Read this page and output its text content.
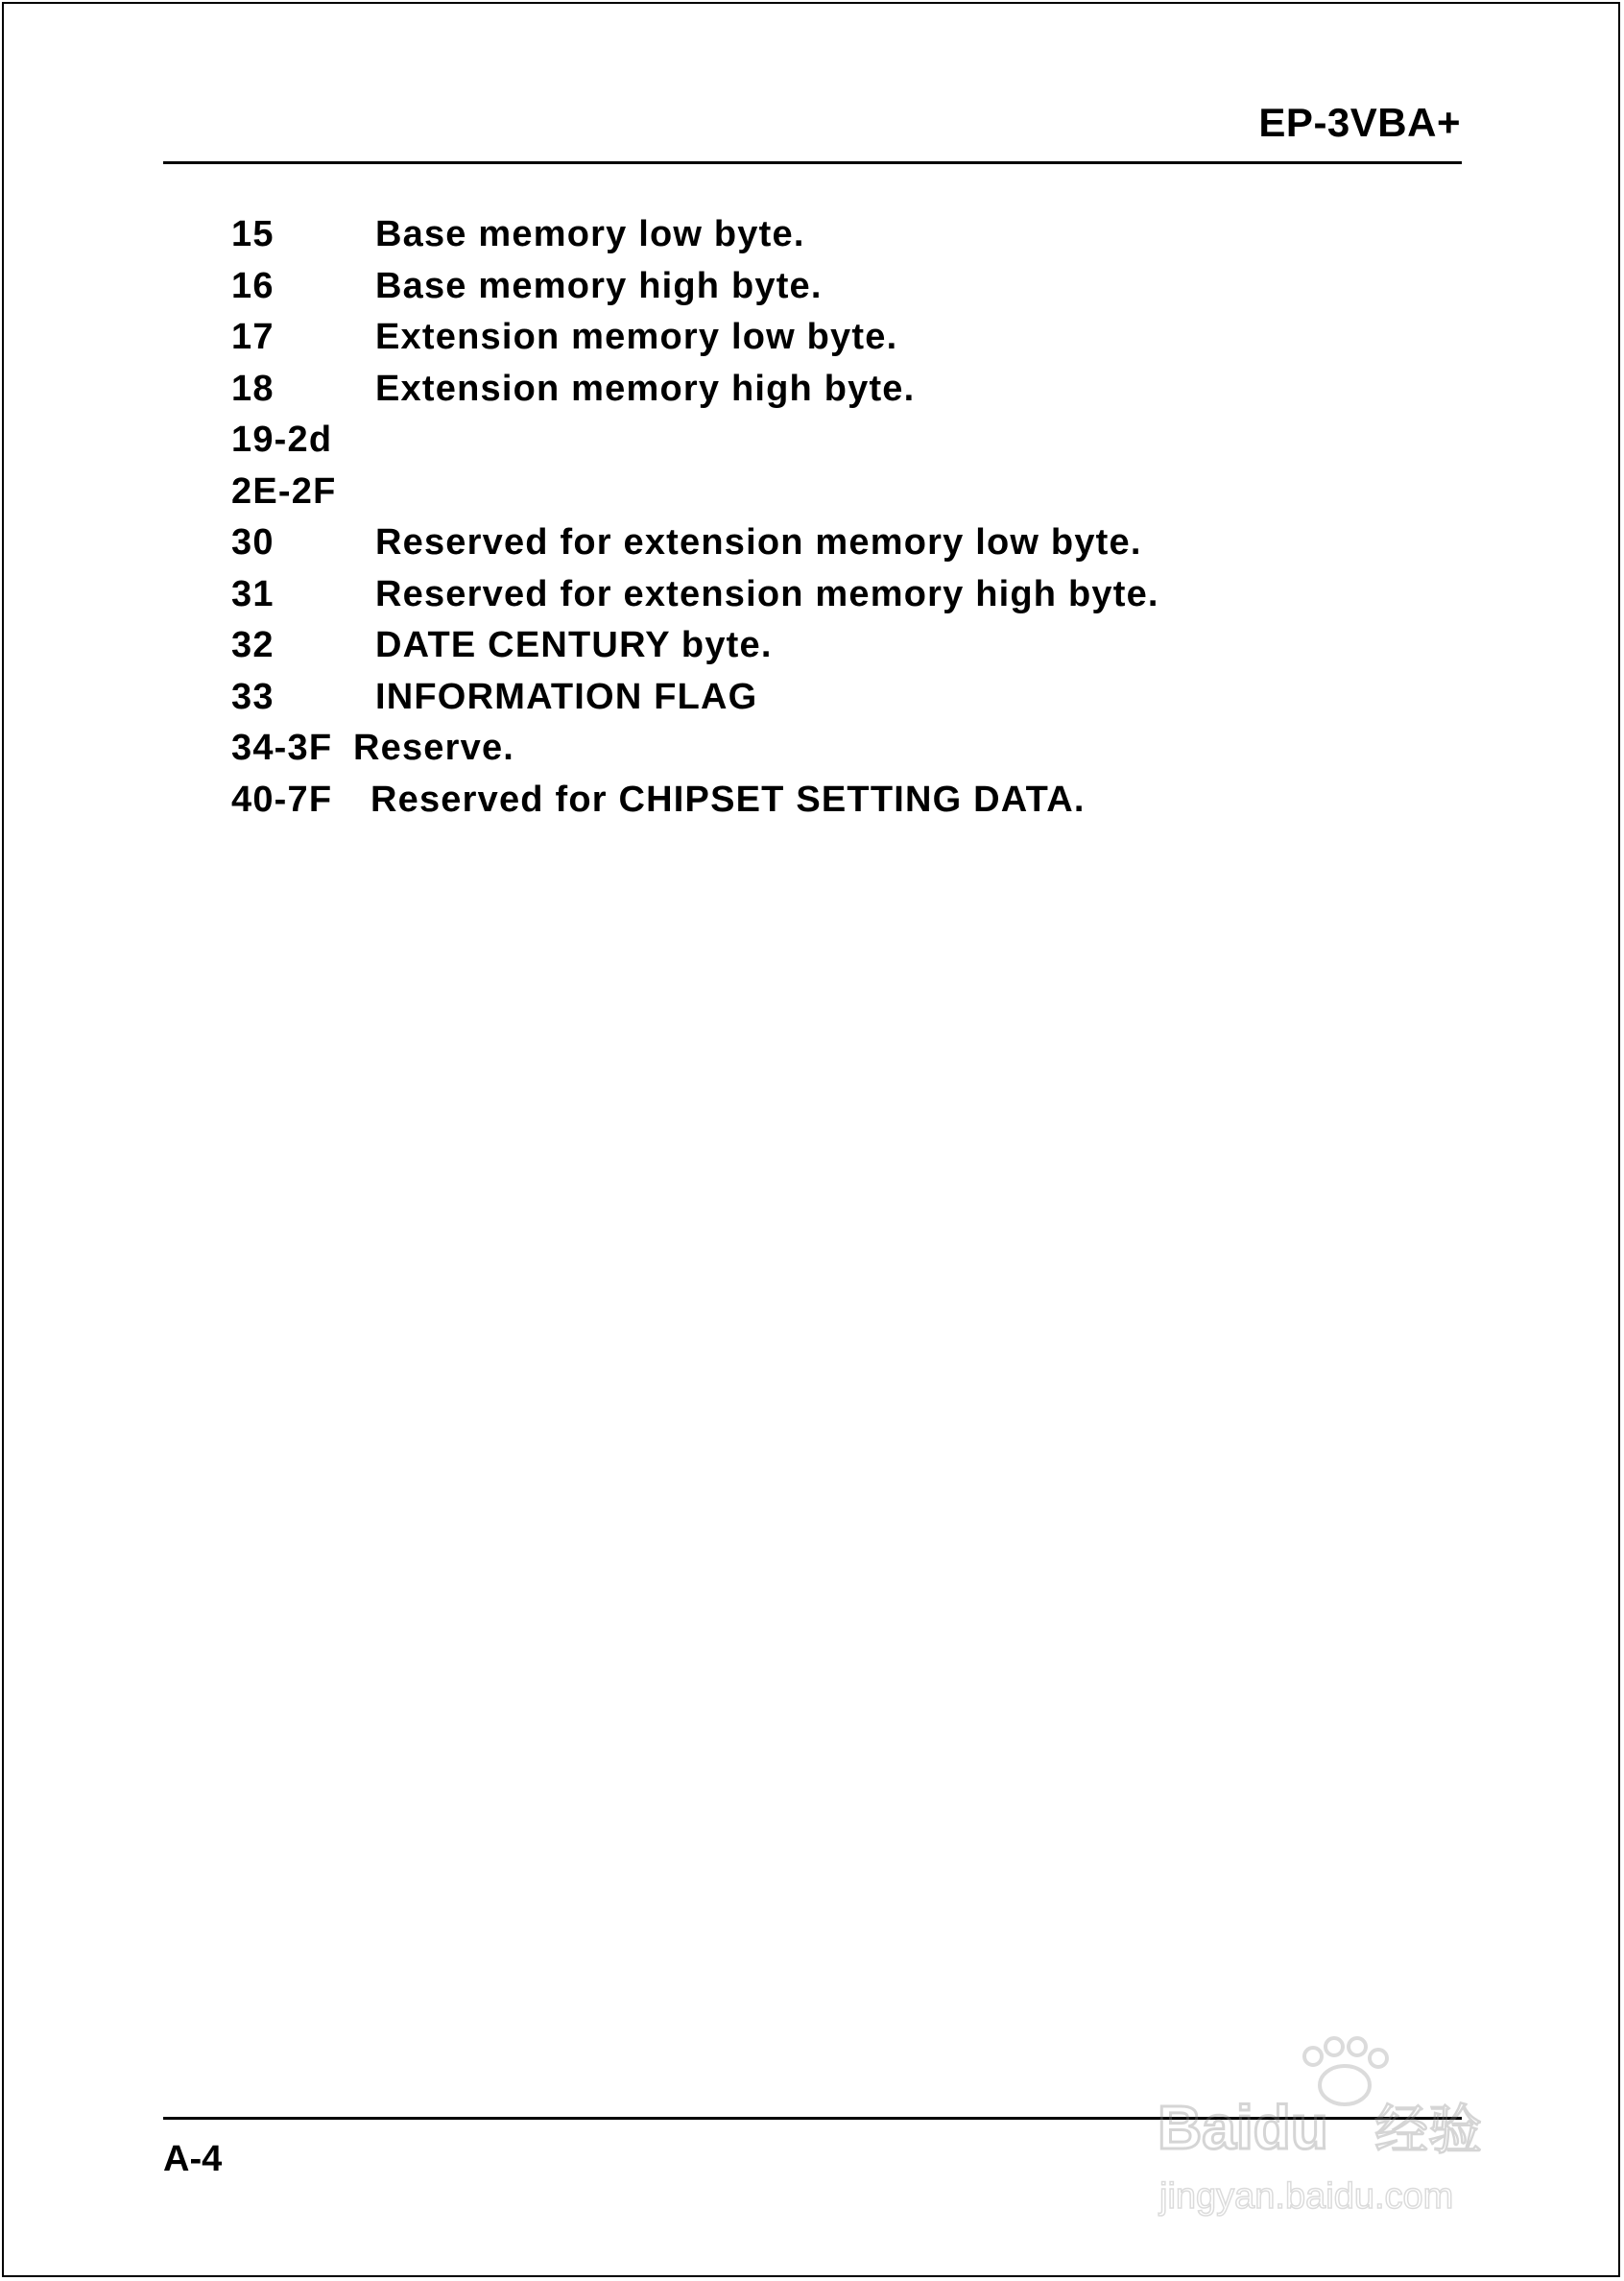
EP-3VBA+
15	Base memory low byte.
16	Base memory high byte.
17	Extension memory low byte.
18	Extension memory high byte.
19-2d
2E-2F
30	Reserved for extension memory low byte.
31	Reserved for extension memory high byte.
32	DATE CENTURY byte.
33	INFORMATION FLAG
34-3F Reserve.
40-7F Reserved for CHIPSET SETTING DATA.
A-4	Baidu 经验
jingyan.baidu.com
